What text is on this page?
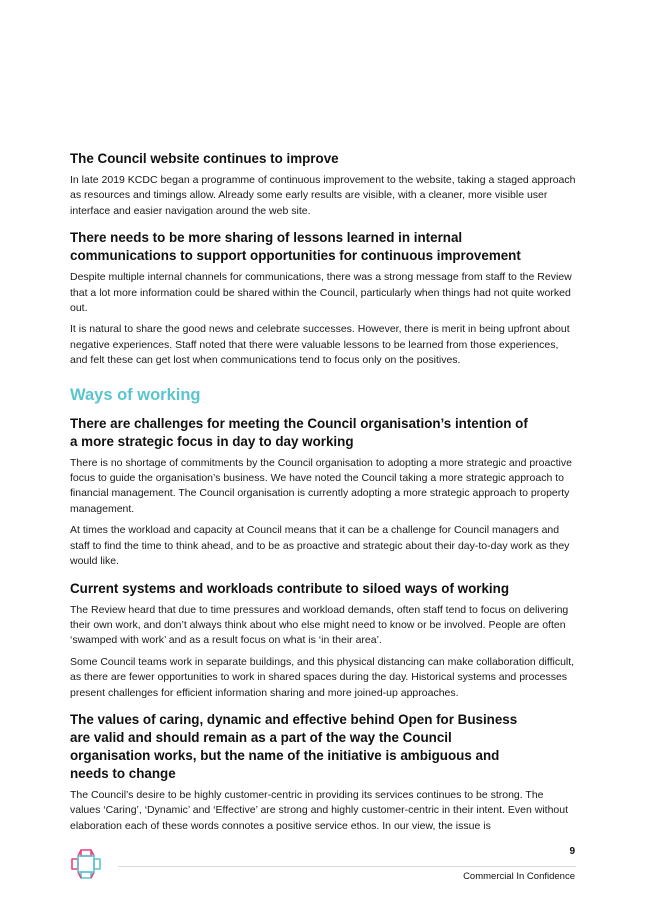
The Council website continues to improve

In late 2019 KCDC began a programme of continuous improvement to the website, taking a staged approach as resources and timings allow. Already some early results are visible, with a cleaner, more visible user interface and easier navigation around the web site.

There needs to be more sharing of lessons learned in internal
communications to support opportunities for continuous improvement

Despite multiple internal channels for communications, there was a strong message from staff to the Review that a lot more information could be shared within the Council, particularly when things had not quite worked out.

It is natural to share the good news and celebrate successes. However, there is merit in being upfront about negative experiences. Staff noted that there were valuable lessons to be learned from those experiences, and felt these can get lost when communications tend to focus only on the positives.

Ways of working
There are challenges for meeting the Council organisation’s intention of
a more strategic focus in day to day working

There is no shortage of commitments by the Council organisation to adopting a more strategic and proactive focus to guide the organisation’s business. We have noted the Council taking a more strategic approach to financial management. The Council organisation is currently adopting a more strategic approach to property management.

At times the workload and capacity at Council means that it can be a challenge for Council managers and staff to find the time to think ahead, and to be as proactive and strategic about their day-to-day work as they would like.

Current systems and workloads contribute to siloed ways of working

The Review heard that due to time pressures and workload demands, often staff tend to focus on delivering their own work, and don’t always think about who else might need to know or be involved. People are often ‘swamped with work’ and as a result focus on what is ‘in their area’.

Some Council teams work in separate buildings, and this physical distancing can make collaboration difficult, as there are fewer opportunities to work in shared spaces during the day. Historical systems and processes present challenges for efficient information sharing and more joined-up approaches.

The values of caring, dynamic and effective behind Open for Business
are valid and should remain as a part of the way the Council
organisation works, but the name of the initiative is ambiguous and
needs to change

The Council’s desire to be highly customer-centric in providing its services continues to be strong. The values ‘Caring’, ‘Dynamic’ and ‘Effective’ are strong and highly customer-centric in their intent. Even without elaboration each of these words connotes a positive service ethos. In our view, the issue is

9
Commercial In Confidence
